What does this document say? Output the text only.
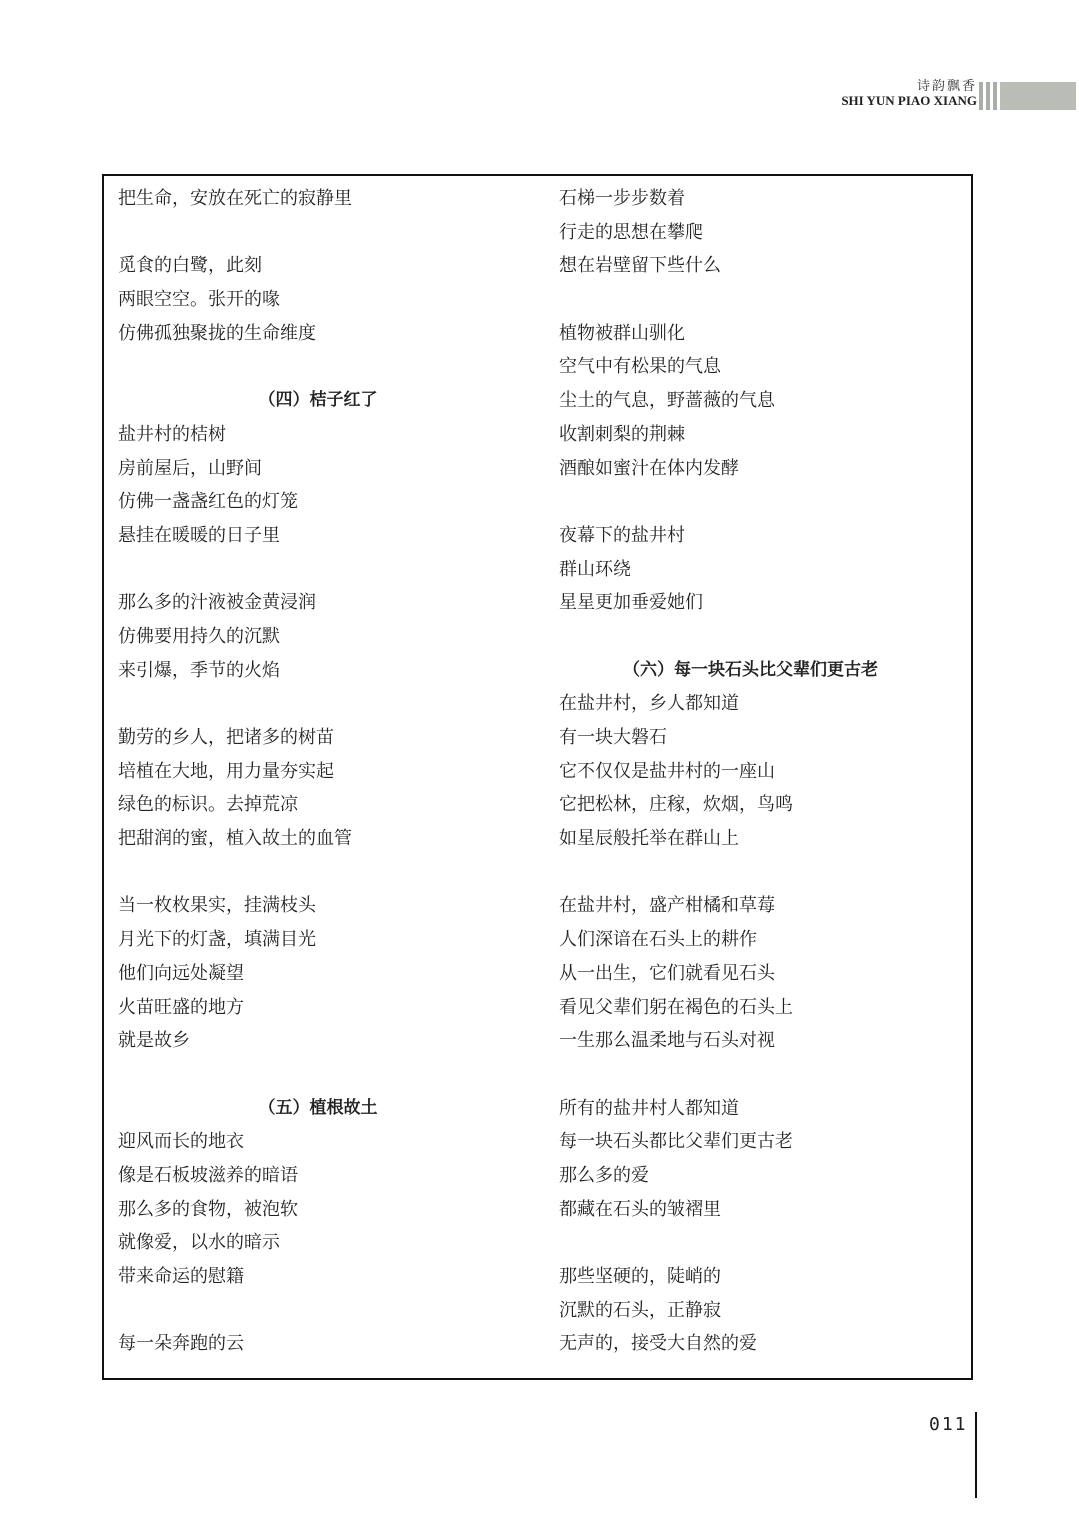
诗韵飘香
SHI YUN PIAO XIANG
把生命，安放在死亡的寂静里
觅食的白鹭，此刻
两眼空空。张开的喙
仿佛孤独聚拢的生命维度
（四）桔子红了
盐井村的桔树
房前屋后，山野间
仿佛一盏盏红色的灯笼
悬挂在暖暖的日子里
那么多的汁液被金黄浸润
仿佛要用持久的沉默
来引爆，季节的火焰
勤劳的乡人，把诸多的树苗
培植在大地，用力量夯实起
绿色的标识。去掉荒凉
把甜润的蜜，植入故土的血管
当一枚枚果实，挂满枝头
月光下的灯盏，填满目光
他们向远处凝望
火苗旺盛的地方
就是故乡
（五）植根故土
迎风而长的地衣
像是石板坡滋养的暗语
那么多的食物，被泡软
就像爱，以水的暗示
带来命运的慰籍
每一朵奔跑的云
石梯一步步数着
行走的思想在攀爬
想在岩壁留下些什么
植物被群山驯化
空气中有松果的气息
尘土的气息，野蔷薇的气息
收割刺梨的荆棘
酒酿如蜜汁在体内发酵
夜幕下的盐井村
群山环绕
星星更加垂爱她们
（六）每一块石头比父辈们更古老
在盐井村，乡人都知道
有一块大磐石
它不仅仅是盐井村的一座山
它把松林，庄稼，炊烟，鸟鸣
如星辰般托举在群山上
在盐井村，盛产柑橘和草莓
人们深谙在石头上的耕作
从一出生，它们就看见石头
看见父辈们躬在褐色的石头上
一生那么温柔地与石头对视
所有的盐井村人都知道
每一块石头都比父辈们更古老
那么多的爱
都藏在石头的皱褶里
那些坚硬的，陡峭的
沉默的石头，正静寂
无声的，接受大自然的爱
011
